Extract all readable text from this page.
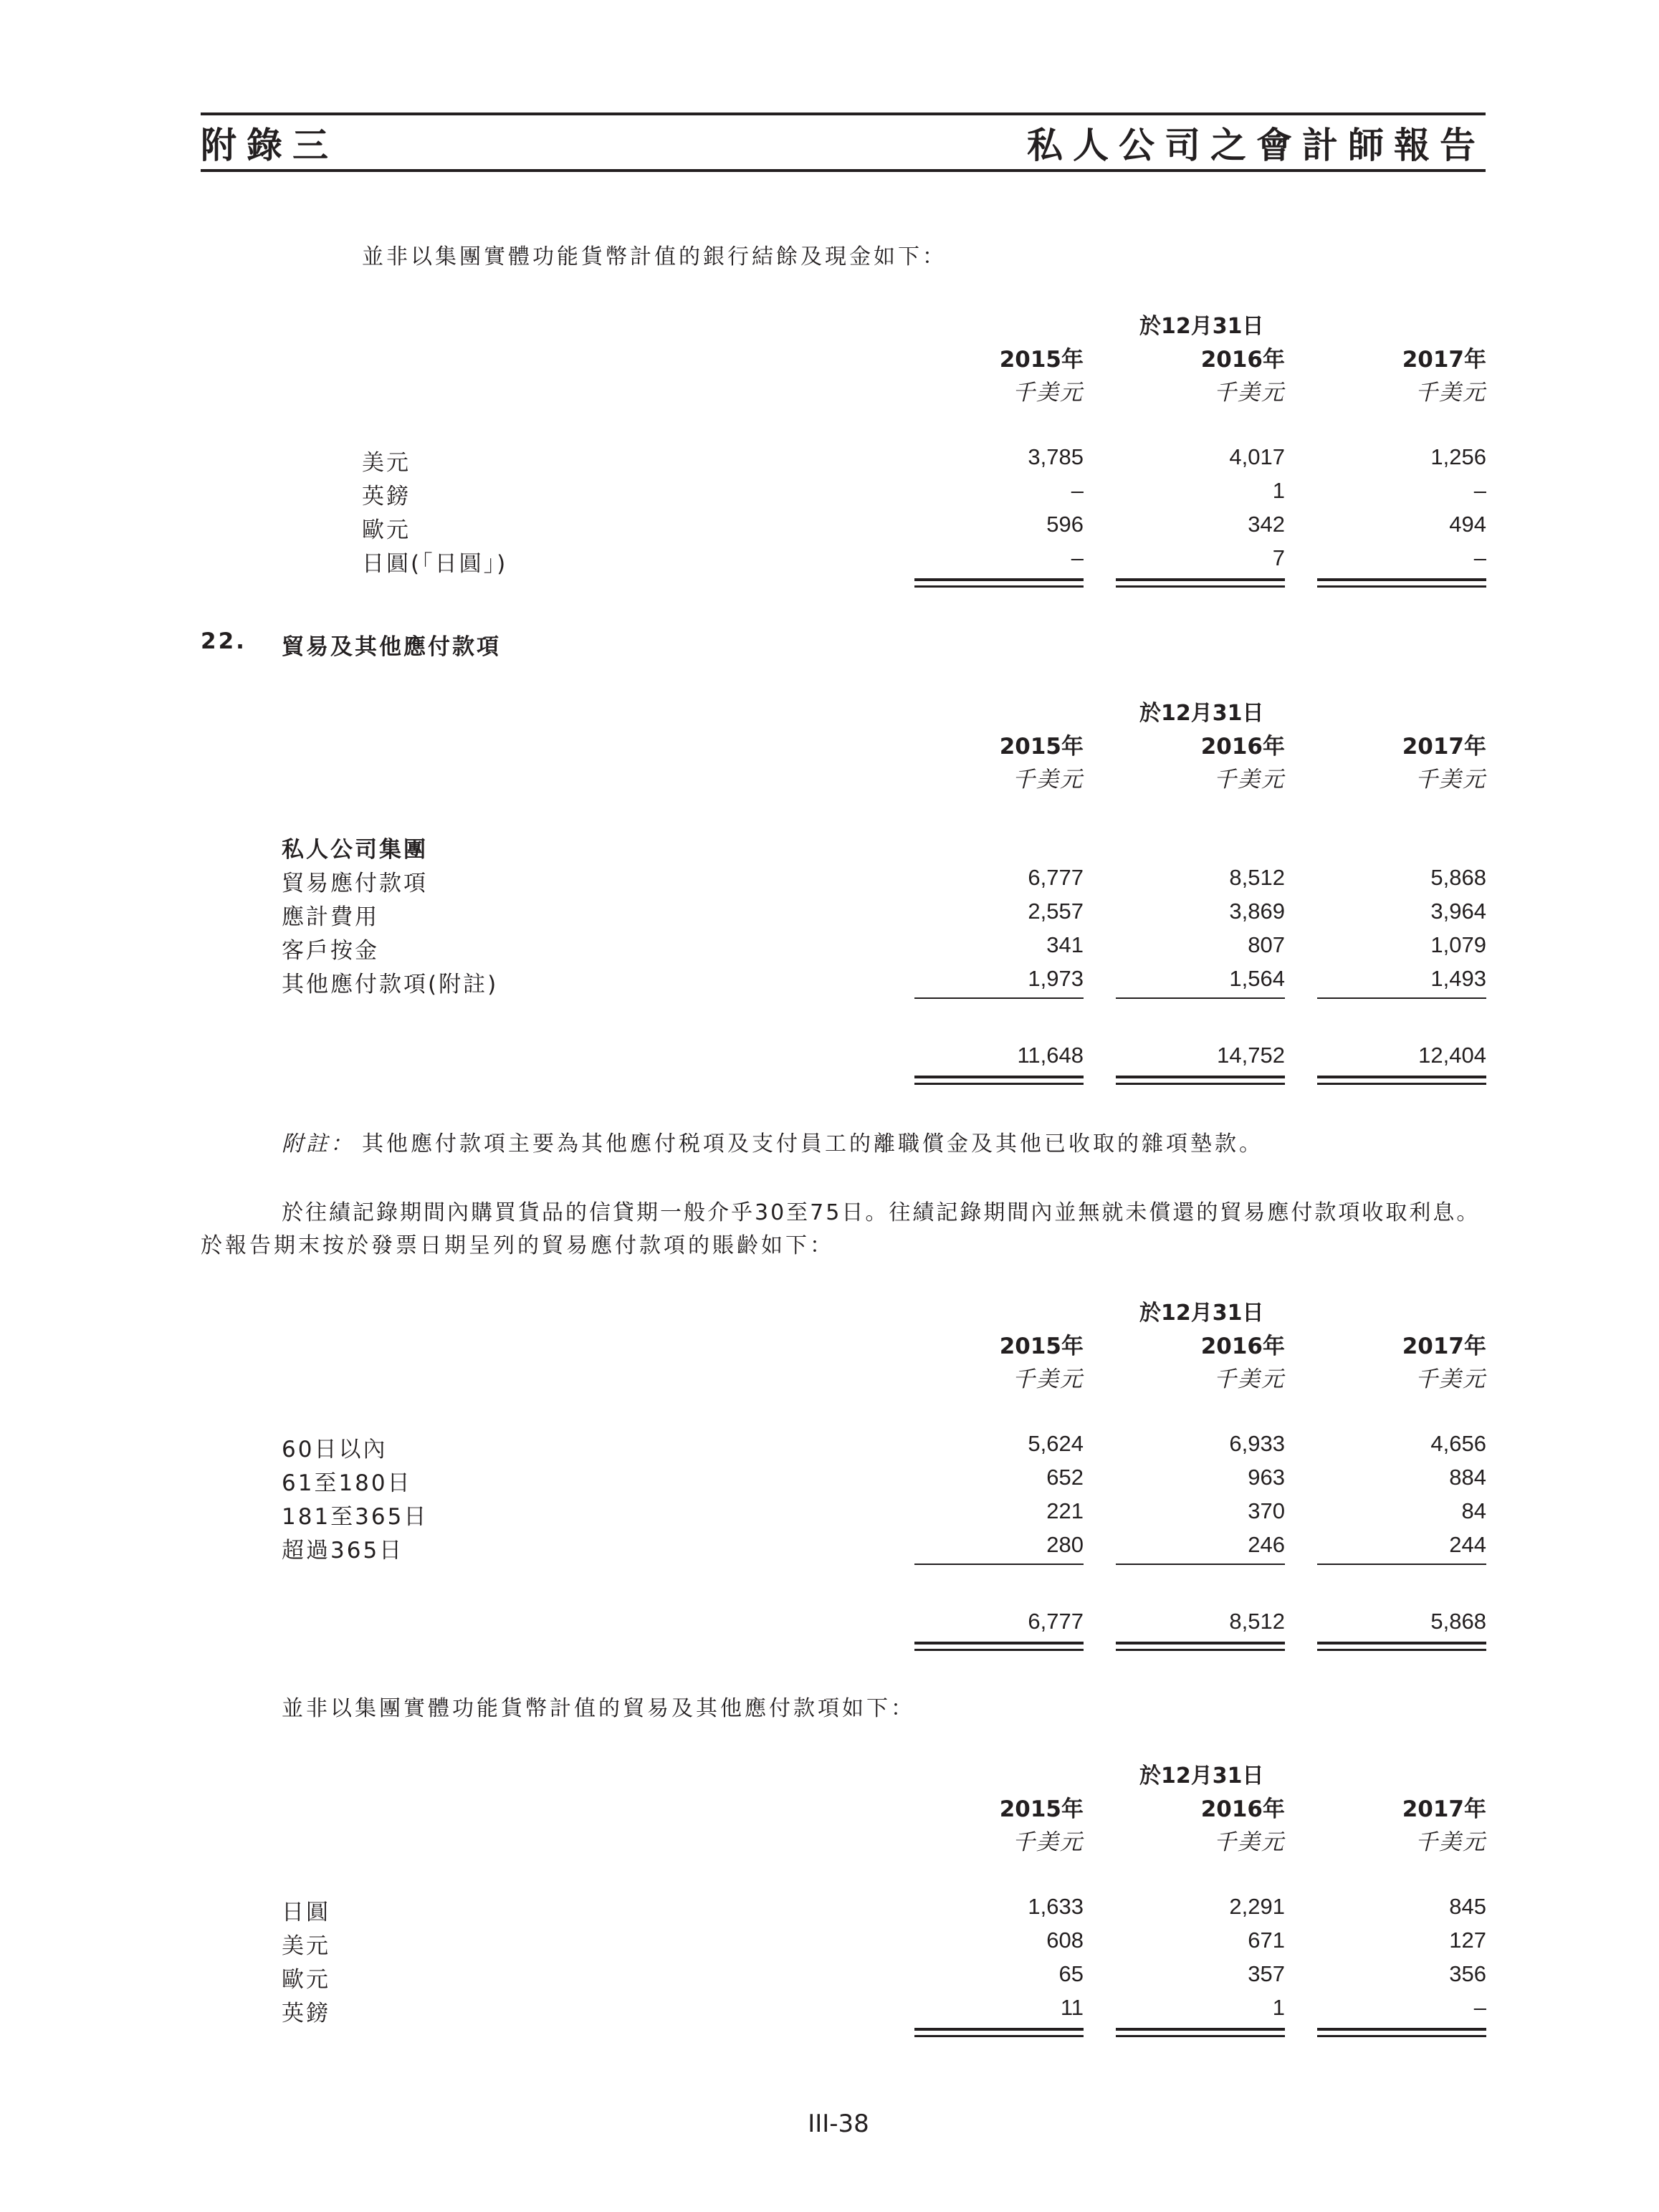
附錄三	私人公司之會計師報告
並非以集團實體功能貨幣計值的銀行結餘及現金如下：
於12月31日
2015年	2016年	2017年
千美元	千美元	千美元
美元	3,785	4,017	1,256
英鎊	–	1	–
歐元	596	342	494
日圓(「日圓」)	–	7	–
22. 貿易及其他應付款項
於12月31日
2015年	2016年	2017年
千美元	千美元	千美元
私人公司集團
貿易應付款項	6,777	8,512	5,868
應計費用	2,557	3,869	3,964
客戶按金	341	807	1,079
其他應付款項(附註)	1,973	1,564	1,493
11,648	14,752	12,404
附註： 其他應付款項主要為其他應付税項及支付員工的離職償金及其他已收取的雜項墊款。
於往績記錄期間內購買貨品的信貸期一般介乎30至75日。往績記錄期間內並無就未償還的貿易應付款項收取利息。
於報告期末按於發票日期呈列的貿易應付款項的賬齡如下：
於12月31日
2015年	2016年	2017年
千美元	千美元	千美元
60日以內	5,624	6,933	4,656
61至180日	652	963	884
181至365日	221	370	84
超過365日	280	246	244
6,777	8,512	5,868
並非以集團實體功能貨幣計值的貿易及其他應付款項如下：
於12月31日
2015年	2016年	2017年
千美元	千美元	千美元
日圓	1,633	2,291	845
美元	608	671	127
歐元	65	357	356
英鎊	11	1	–
III-38
